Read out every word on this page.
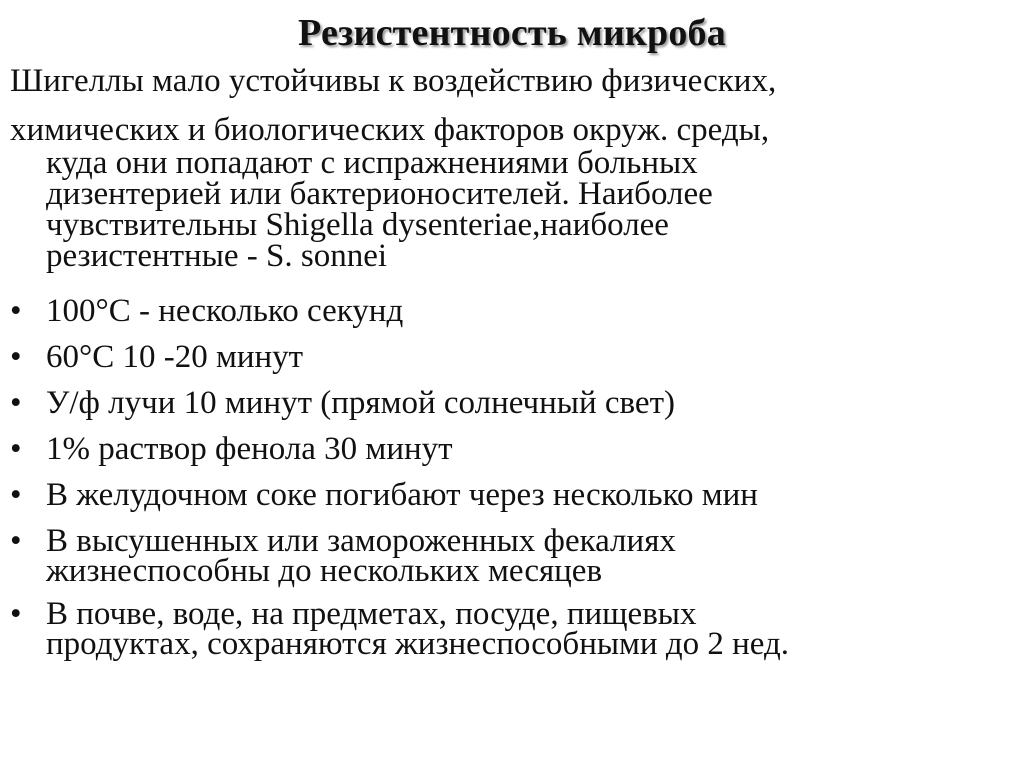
Резистентность микроба
Шигеллы мало устойчивы к воздействию физических,
химических и биологических факторов окруж. среды,
куда они попадают с испражнениями больных
дизентерией или бактерионосителей. Наиболее
чувствительны Shigella dysenteriae,наиболее
резистентные - S. sonnei
• 100°С - несколько секунд
• 60°С 10 -20 минут
• У/ф лучи 10 минут (прямой солнечный свет)
• 1% раствор фенола 30 минут
• В желудочном соке погибают через несколько мин
• В высушенных или замороженных фекалиях
жизнеспособны до нескольких месяцев
• В почве, воде, на предметах, посуде, пищевых
продуктах, сохраняются жизнеспособными до 2 нед.
